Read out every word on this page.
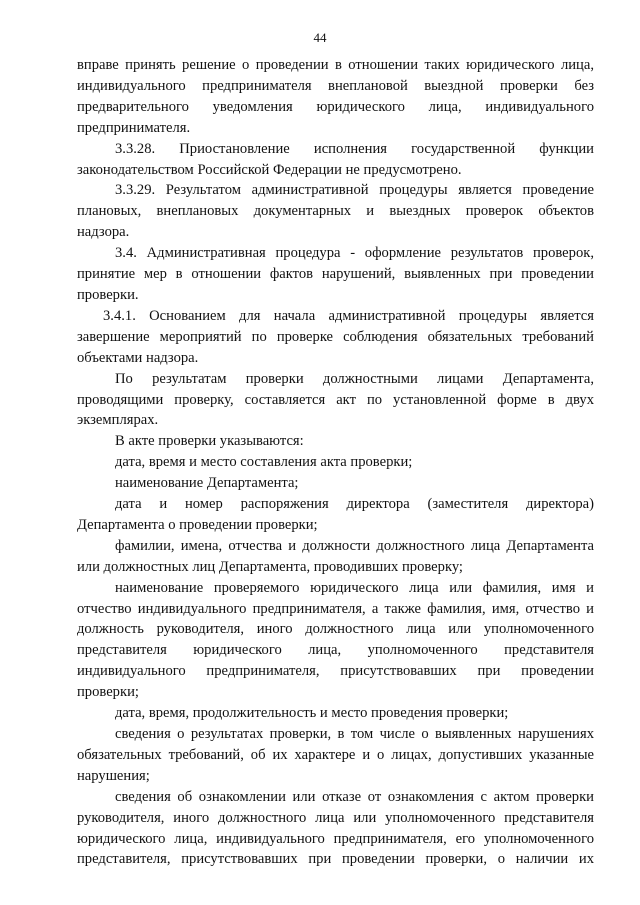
44

вправе принять решение о проведении в отношении таких юридического лица,
индивидуального предпринимателя внеплановой выездной проверки без
предварительного уведомления юридического лица, индивидуального
предпринимателя.

3.3.28. Приостановление исполнения государственной функции
законодательством Российской Федерации не предусмотрено.

3.3.29. Результатом административной процедуры является проведение
плановых, внеплановых документарных и выездных проверок объектов
надзора.

3.4. Административная процедура - оформление результатов проверок,
принятие мер в отношении фактов нарушений, выявленных при проведении
проверки.

3.4.1. Основанием для начала административной процедуры является
завершение мероприятий по проверке соблюдения обязательных требований
объектами надзора.

По результатам проверки должностными лицами Департамента,
проводящими проверку, составляется акт по установленной форме в двух
экземплярах.

В акте проверки указываются:

дата, время и место составления акта проверки;

наименование Департамента;

дата и номер распоряжения директора (заместителя директора)
Департамента о проведении проверки;

фамилии, имена, отчества и должности должностного лица Департамента
или должностных лиц Департамента, проводивших проверку;

наименование проверяемого юридического лица или фамилия, имя и
отчество индивидуального предпринимателя, а также фамилия, имя, отчество и
должность руководителя, иного должностного лица или уполномоченного
представителя юридического лица, уполномоченного представителя
индивидуального предпринимателя, присутствовавших при проведении
проверки;

дата, время, продолжительность и место проведения проверки;

сведения о результатах проверки, в том числе о выявленных нарушениях
обязательных требований, об их характере и о лицах, допустивших указанные
нарушения;

сведения об ознакомлении или отказе от ознакомления с актом проверки
руководителя, иного должностного лица или уполномоченного представителя
юридического лица, индивидуального предпринимателя, его уполномоченного
представителя, присутствовавших при проведении проверки, о наличии их
